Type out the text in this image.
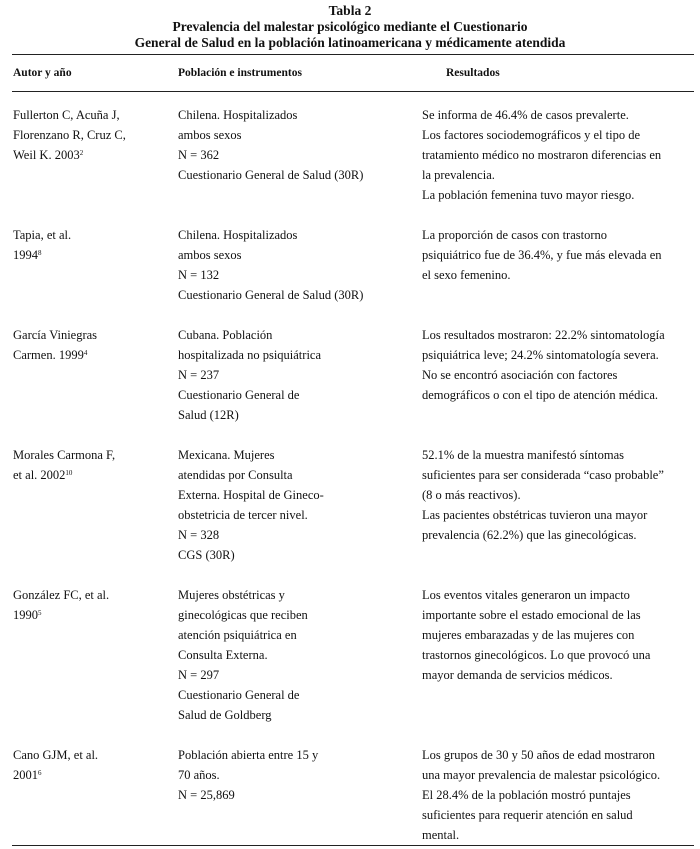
Tabla 2
Prevalencia del malestar psicológico mediante el Cuestionario
General de Salud en la población latinoamericana y médicamente atendida
Autor y año	Población e instrumentos	Resultados
Fullerton C, Acuña J,
Florenzano R, Cruz C,
Weil K. 2003$^2$
Chilena. Hospitalizados
ambos sexos
N = 362
Cuestionario General de Salud (30R)
Se informa de 46.4% de casos prevalerte.
Los factores sociodemográficos y el tipo de
tratamiento médico no mostraron diferencias en
la prevalencia.
La población femenina tuvo mayor riesgo.
Tapia, et al.
1994$^8$
Chilena. Hospitalizados
ambos sexos
N = 132
Cuestionario General de Salud (30R)
La proporción de casos con trastorno
psiquiátrico fue de 36.4%, y fue más elevada en
el sexo femenino.
García Viniegras
Carmen. 1999$^4$
Cubana. Población
hospitalizada no psiquiátrica
N = 237
Cuestionario General de
Salud (12R)
Los resultados mostraron: 22.2% sintomatología
psiquiátrica leve; 24.2% sintomatología severa.
No se encontró asociación con factores
demográficos o con el tipo de atención médica.
Morales Carmona F,
et al. 2002$^{10}$
Mexicana. Mujeres
atendidas por Consulta
Externa. Hospital de Gineco-
obstetricia de tercer nivel.
N = 328
CGS (30R)
52.1% de la muestra manifestó síntomas
suficientes para ser considerada “caso probable”
(8 o más reactivos).
Las pacientes obstétricas tuvieron una mayor
prevalencia (62.2%) que las ginecológicas.
González FC, et al.
1990$^5$
Mujeres obstétricas y
ginecológicas que reciben
atención psiquiátrica en
Consulta Externa.
N = 297
Cuestionario General de
Salud de Goldberg
Los eventos vitales generaron un impacto
importante sobre el estado emocional de las
mujeres embarazadas y de las mujeres con
trastornos ginecológicos. Lo que provocó una
mayor demanda de servicios médicos.
Cano GJM, et al.
2001$^6$
Población abierta entre 15 y
70 años.
N = 25,869
Los grupos de 30 y 50 años de edad mostraron
una mayor prevalencia de malestar psicológico.
El 28.4% de la población mostró puntajes
suficientes para requerir atención en salud
mental.
